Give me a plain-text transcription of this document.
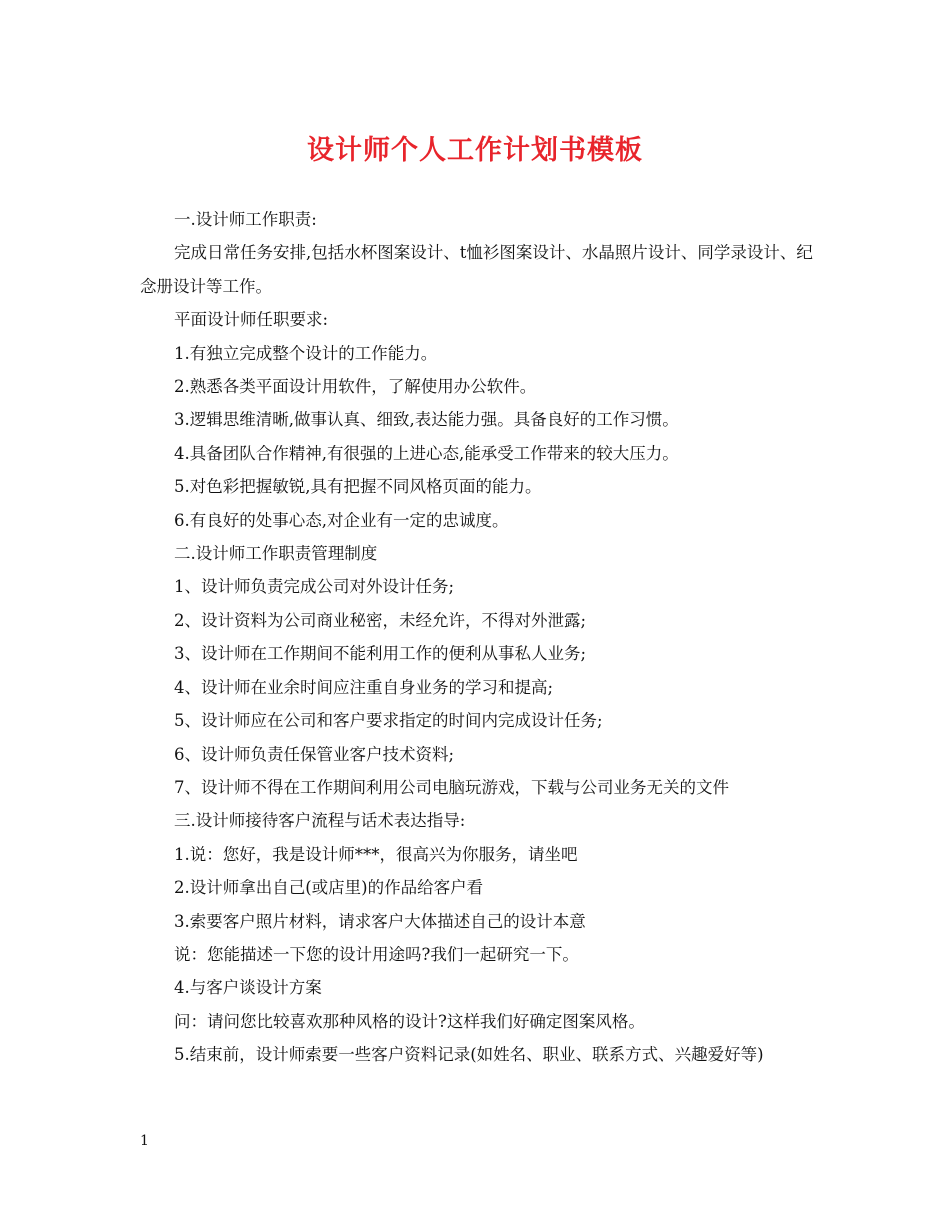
设计师个人工作计划书模板

一.设计师工作职责:

完成日常任务安排,包括水杯图案设计、t恤衫图案设计、水晶照片设计、同学录设计、纪念册设计等工作。

平面设计师任职要求:

1.有独立完成整个设计的工作能力。

2.熟悉各类平面设计用软件，了解使用办公软件。

3.逻辑思维清晰,做事认真、细致,表达能力强。具备良好的工作习惯。

4.具备团队合作精神,有很强的上进心态,能承受工作带来的较大压力。

5.对色彩把握敏锐,具有把握不同风格页面的能力。

6.有良好的处事心态,对企业有一定的忠诚度。

二.设计师工作职责管理制度

1、设计师负责完成公司对外设计任务;

2、设计资料为公司商业秘密，未经允许，不得对外泄露;

3、设计师在工作期间不能利用工作的便利从事私人业务;

4、设计师在业余时间应注重自身业务的学习和提高;

5、设计师应在公司和客户要求指定的时间内完成设计任务;

6、设计师负责任保管业客户技术资料;

7、设计师不得在工作期间利用公司电脑玩游戏，下载与公司业务无关的文件

三.设计师接待客户流程与话术表达指导:

1.说：您好，我是设计师***，很高兴为你服务，请坐吧

2.设计师拿出自己(或店里)的作品给客户看

3.索要客户照片材料，请求客户大体描述自己的设计本意

说：您能描述一下您的设计用途吗?我们一起研究一下。

4.与客户谈设计方案

问：请问您比较喜欢那种风格的设计?这样我们好确定图案风格。

5.结束前，设计师索要一些客户资料记录(如姓名、职业、联系方式、兴趣爱好等)

1
